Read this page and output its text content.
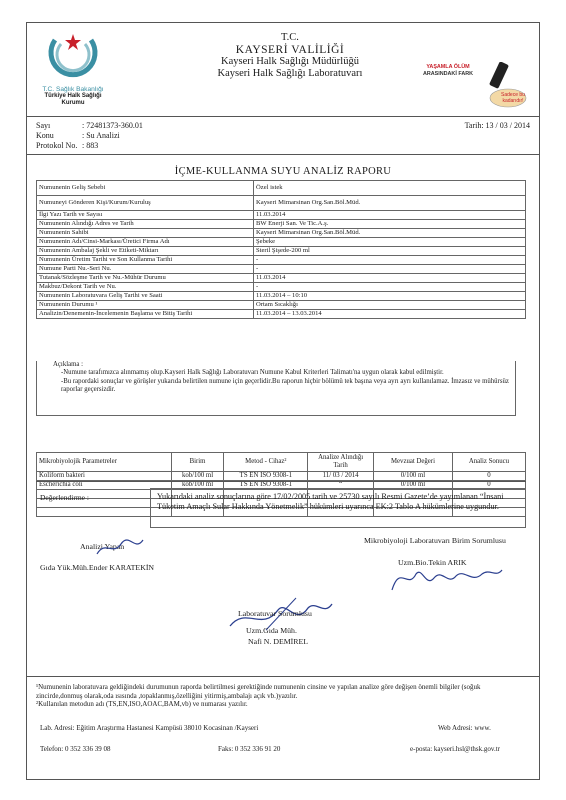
T.C. Sağlık Bakanlığı
Türkiye Halk Sağlığı
Kurumu
T.C.
KAYSERİ VALİLİĞİ
Kayseri Halk Sağlığı Müdürlüğü
Kayseri Halk Sağlığı Laboratuvarı
YAŞAMLA ÖLÜM
ARASINDAKİ FARK
Sadece bu
kadarıdır!
Sayı	: 72481373-360.01
Konu	: Su Analizi
Protokol No. : 883
Tarih: 13 / 03 / 2014
İÇME-KULLANMA SUYU ANALİZ RAPORU
Numunenin Geliş Sebebi	Özel istek
Numuneyi Gönderen Kişi/Kurum/Kuruluş	Kayseri Mimarsinan Org.San.Böl.Müd.
İlgi Yazı Tarih ve Sayısı	11.03.2014
Numunenin Alındığı Adres ve Tarih	BW Enerji San. Ve Tic.A.ş.
Numunenin Sahibi	Kayseri Mimarsinan Org.San.Böl.Müd.
Numunenin Adı/Cinsi-Markası/Üretici Firma Adı	Şebeke
Numunenin Ambalaj Şekli ve Etiketi-Miktarı	Steril Şişede-200 ml
Numunenin Üretim Tarihi ve Son Kullanma Tarihi	-
Numune Parti Nu.-Seri Nu.	-
Tutanak/Sözleşme Tarih ve Nu.-Mühür Durumu	11.03.2014
Makbuz/Dekont Tarih ve Nu.	-
Numunenin Laboratuvara Geliş Tarihi ve Saati	11.03.2014 – 10:10
Numunenin Durumu ¹	Ortam Sıcaklığı
Analizin/Denemenin-İncelemenin Başlama ve Bitiş Tarihi	11.03.2014 – 13.03.2014
Açıklama :
-Numune tarafımızca alınmamış olup.Kayseri Halk Sağlığı Laboratuvarı Numune Kabul Kriterleri Talimatı'na uygun olarak kabul edilmiştir.
-Bu rapordaki sonuçlar ve görüşler yukarıda belirtilen numune için geçerlidir.Bu raporun hiçbir bölümü tek başına veya ayrı ayrı kullanılamaz. İmzasız ve mühürsüz raporlar geçersizdir.
Mikrobiyolojik Parametreler	Birim	Metod - Cihaz²	Analize Alındığı Tarih	Mevzuat Değeri	Analiz Sonucu
Koliform bakteri	kob/100 ml	TS EN ISO 9308-1	11/ 03 / 2014	0/100 ml	0
Escherichia coli	kob/100 ml	TS EN ISO 9308-1	“	0/100 ml	0

Değerlendirme :	Yukarıdaki analiz sonuçlarına göre 17/02/2005 tarih ve 25730 sayılı Resmi Gazete’de yayımlanan “İnsani Tüketim Amaçlı Sular Hakkında Yönetmelik” hükümleri uyarınca EK:2 Tablo A hükümlerine uygundur.
Analizi Yapan
Gıda Yük.Müh.Ender KARATEKİN
Mikrobiyoloji Laboratuvarı Birim Sorumlusu
Uzm.Bio.Tekin ARIK
Laboratuvar Sorumlusu
Uzm.Gıda Müh.
Nafi N. DEMİREL
¹Numunenin laboratuvara geldiğindeki durumunun raporda belirtilmesi gerektiğinde numunenin cinsine ve yapılan analize göre değişen önemli bilgiler (soğuk zincirde,donmuş olarak,oda ısısında ,topaklanmış,özelliğini yitirmiş,ambalajı açık vb.)yazılır.
²Kullanılan metodun adı (TS,EN,ISO,AOAC,BAM,vb) ve numarası yazılır.
Lab. Adresi: Eğitim Araştırma Hastanesi Kampüsü 38010 Kocasinan /Kayseri	Web Adresi: www.
Telefon: 0 352 336 39 08	Faks: 0 352 336 91 20	e-posta: kayseri.hsl@thsk.gov.tr
